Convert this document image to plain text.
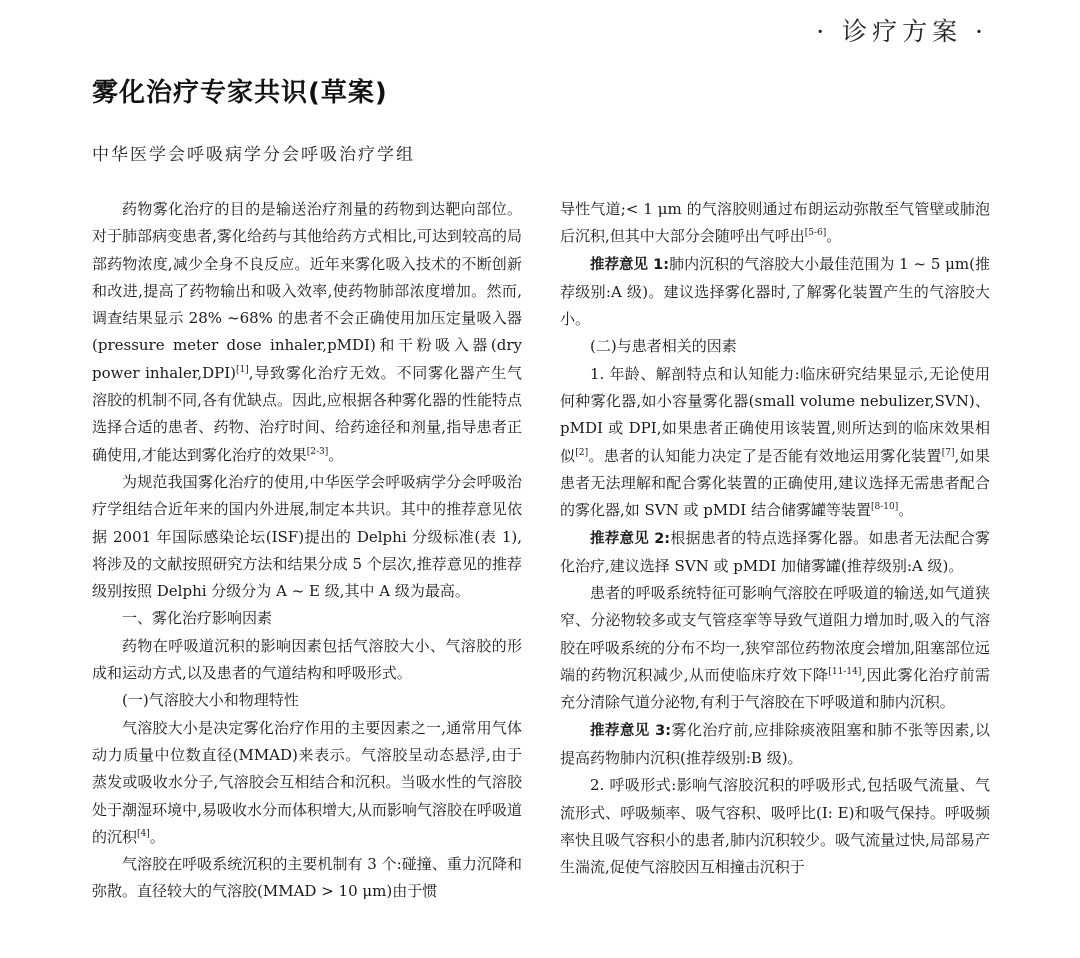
· 诊疗方案 ·
雾化治疗专家共识(草案)
中华医学会呼吸病学分会呼吸治疗学组

药物雾化治疗的目的是输送治疗剂量的药物到达靶向部位。对于肺部病变患者,雾化给药与其他给药方式相比,可达到较高的局部药物浓度,减少全身不良反应。近年来雾化吸入技术的不断创新和改进,提高了药物输出和吸入效率,使药物肺部浓度增加。然而,调查结果显示 28% ~68% 的患者不会正确使用加压定量吸入器(pressure meter dose inhaler,pMDI)和干粉吸入器(dry power inhaler,DPI)[1],导致雾化治疗无效。不同雾化器产生气溶胶的机制不同,各有优缺点。因此,应根据各种雾化器的性能特点选择合适的患者、药物、治疗时间、给药途径和剂量,指导患者正确使用,才能达到雾化治疗的效果[2-3]。

为规范我国雾化治疗的使用,中华医学会呼吸病学分会呼吸治疗学组结合近年来的国内外进展,制定本共识。其中的推荐意见依据 2001 年国际感染论坛(ISF)提出的 Delphi 分级标准(表 1),将涉及的文献按照研究方法和结果分成 5 个层次,推荐意见的推荐级别按照 Delphi 分级分为 A ~ E 级,其中 A 级为最高。

一、雾化治疗影响因素

药物在呼吸道沉积的影响因素包括气溶胶大小、气溶胶的形成和运动方式,以及患者的气道结构和呼吸形式。

(一)气溶胶大小和物理特性

气溶胶大小是决定雾化治疗作用的主要因素之一,通常用气体动力质量中位数直径(MMAD)来表示。气溶胶呈动态悬浮,由于蒸发或吸收水分子,气溶胶会互相结合和沉积。当吸水性的气溶胶处于潮湿环境中,易吸收水分而体积增大,从而影响气溶胶在呼吸道的沉积[4]。

气溶胶在呼吸系统沉积的主要机制有 3 个:碰撞、重力沉降和弥散。直径较大的气溶胶(MMAD > 10 μm)由于惯

导性气道;< 1 μm 的气溶胶则通过布朗运动弥散至气管壁或肺泡后沉积,但其中大部分会随呼出气呼出[5-6]。

推荐意见 1:肺内沉积的气溶胶大小最佳范围为 1 ~ 5 μm(推荐级别:A 级)。建议选择雾化器时,了解雾化装置产生的气溶胶大小。

(二)与患者相关的因素

1. 年龄、解剖特点和认知能力:临床研究结果显示,无论使用何种雾化器,如小容量雾化器(small volume nebulizer,SVN)、pMDI 或 DPI,如果患者正确使用该装置,则所达到的临床效果相似[2]。患者的认知能力决定了是否能有效地运用雾化装置[7],如果患者无法理解和配合雾化装置的正确使用,建议选择无需患者配合的雾化器,如 SVN 或 pMDI 结合储雾罐等装置[8-10]。

推荐意见 2:根据患者的特点选择雾化器。如患者无法配合雾化治疗,建议选择 SVN 或 pMDI 加储雾罐(推荐级别:A 级)。

患者的呼吸系统特征可影响气溶胶在呼吸道的输送,如气道狭窄、分泌物较多或支气管痉挛等导致气道阻力增加时,吸入的气溶胶在呼吸系统的分布不均一,狭窄部位药物浓度会增加,阻塞部位远端的药物沉积减少,从而使临床疗效下降[11-14],因此雾化治疗前需充分清除气道分泌物,有利于气溶胶在下呼吸道和肺内沉积。

推荐意见 3:雾化治疗前,应排除痰液阻塞和肺不张等因素,以提高药物肺内沉积(推荐级别:B 级)。

2. 呼吸形式:影响气溶胶沉积的呼吸形式,包括吸气流量、气流形式、呼吸频率、吸气容积、吸呼比(I: E)和吸气保持。呼吸频率快且吸气容积小的患者,肺内沉积较少。吸气流量过快,局部易产生湍流,促使气溶胶因互相撞击沉积于
